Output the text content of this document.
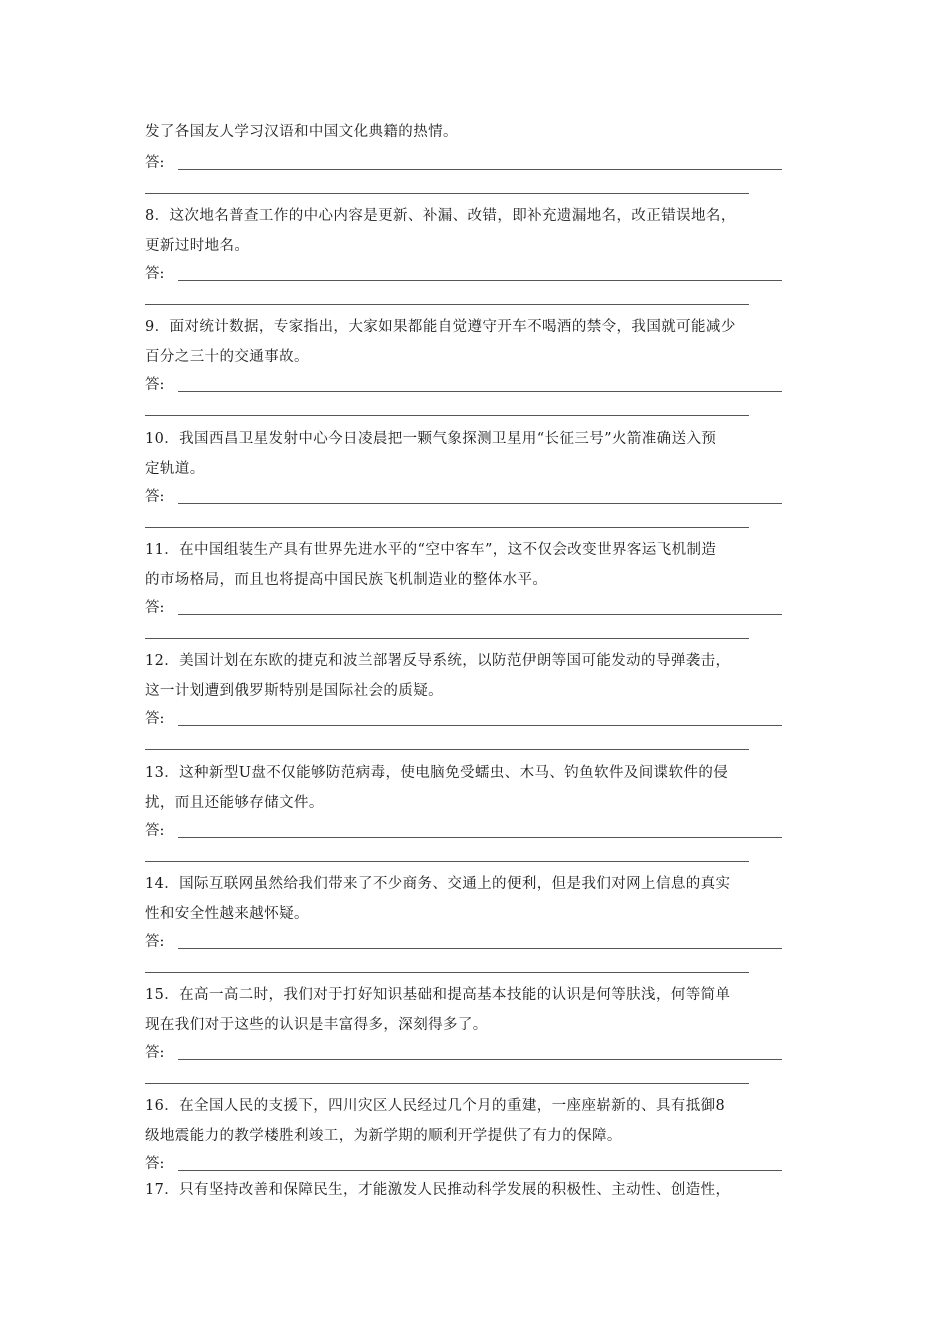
发了各国友人学习汉语和中国文化典籍的热情。
答:
8．这次地名普查工作的中心内容是更新、补漏、改错，即补充遗漏地名，改正错误地名，
更新过时地名。
答:
9．面对统计数据，专家指出，大家如果都能自觉遵守开车不喝酒的禁令，我国就可能减少
百分之三十的交通事故。
答:
10．我国西昌卫星发射中心今日凌晨把一颗气象探测卫星用“长征三号”火箭准确送入预
定轨道。
答:
11．在中国组装生产具有世界先进水平的“空中客车”，这不仅会改变世界客运飞机制造
的市场格局，而且也将提高中国民族飞机制造业的整体水平。
答:
12．美国计划在东欧的捷克和波兰部署反导系统，以防范伊朗等国可能发动的导弹袭击，
这一计划遭到俄罗斯特别是国际社会的质疑。
答:
13．这种新型U盘不仅能够防范病毒，使电脑免受蠕虫、木马、钓鱼软件及间谍软件的侵
扰，而且还能够存储文件。
答:
14．国际互联网虽然给我们带来了不少商务、交通上的便利，但是我们对网上信息的真实
性和安全性越来越怀疑。
答:
15．在高一高二时，我们对于打好知识基础和提高基本技能的认识是何等肤浅，何等简单
现在我们对于这些的认识是丰富得多，深刻得多了。
答:
16．在全国人民的支援下，四川灾区人民经过几个月的重建，一座座崭新的、具有抵御8
级地震能力的教学楼胜利竣工，为新学期的顺利开学提供了有力的保障。
答:
17．只有坚持改善和保障民生，才能激发人民推动科学发展的积极性、主动性、创造性，
